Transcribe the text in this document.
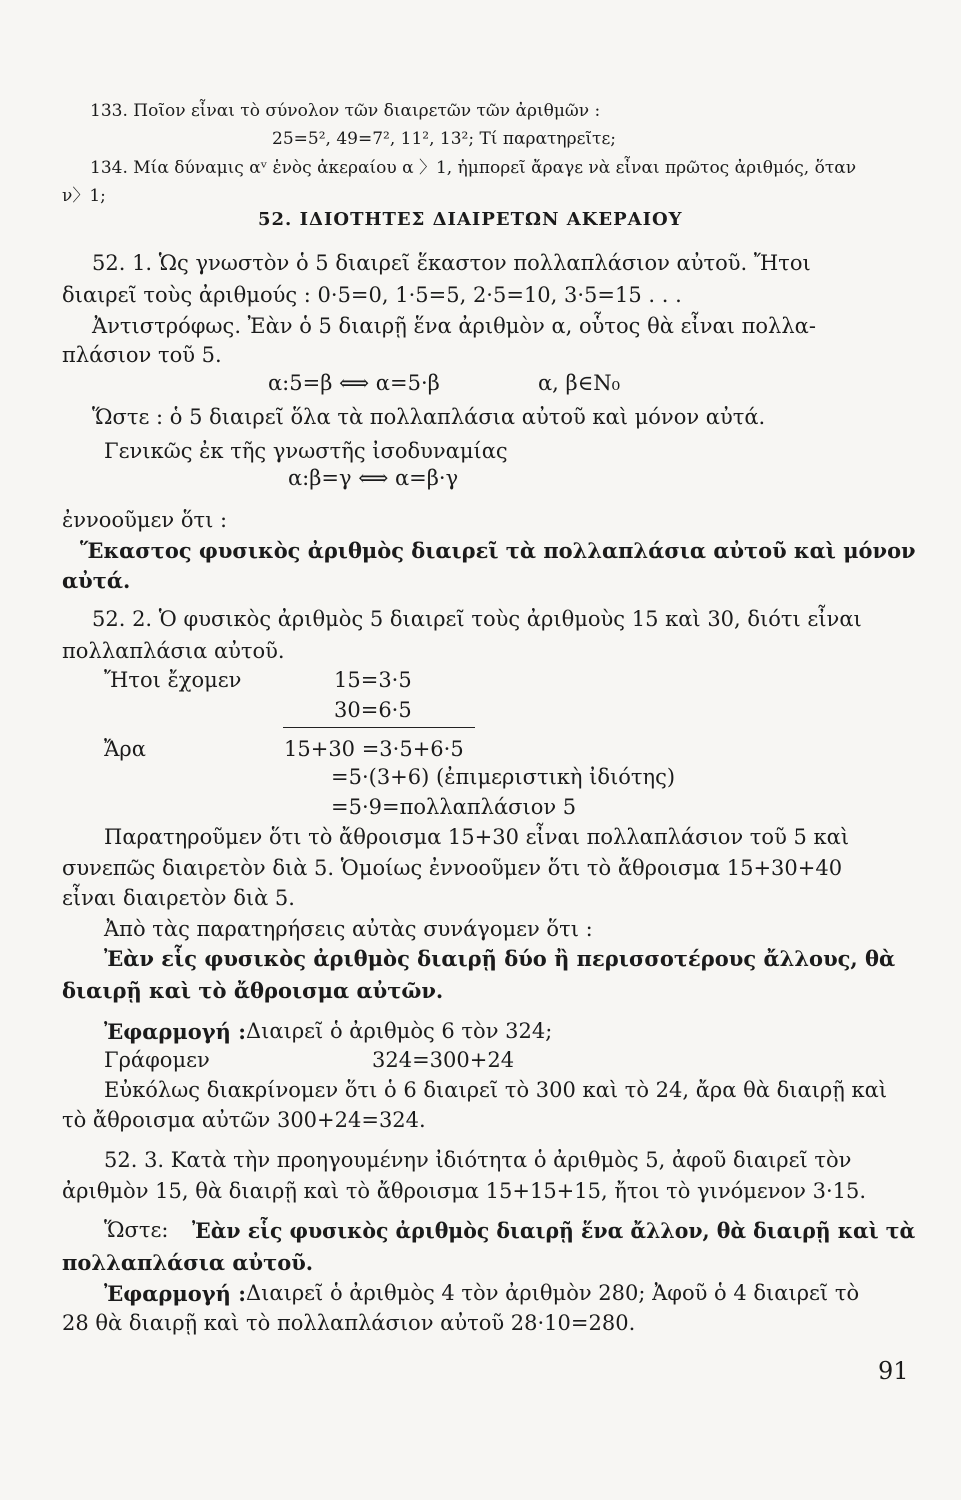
133. Ποῖον εἶναι τὸ σύνολον τῶν διαιρετῶν τῶν ἀριθμῶν :
25=5², 49=7², 11², 13²; Τί παρατηρεῖτε;
134. Μία δύναμις αᵛ ἑνὸς ἀκεραίου α 〉1, ἠμπορεῖ ἄραγε νὰ εἶναι πρῶτος ἀριθμός, ὅταν
ν〉1;
52. ΙΔΙΟΤΗΤΕΣ ΔΙΑΙΡΕΤΩΝ ΑΚΕΡΑΙΟΥ
52. 1. Ὡς γνωστὸν ὁ 5 διαιρεῖ ἕκαστον πολλαπλάσιον αὐτοῦ. Ἤτοι
διαιρεῖ τοὺς ἀριθμούς : 0·5=0, 1·5=5, 2·5=10, 3·5=15 . . .
Ἀντιστρόφως. Ἐὰν ὁ 5 διαιρῇ ἕνα ἀριθμὸν α, οὗτος θὰ εἶναι πολλα-
πλάσιον τοῦ 5.
α:5=β ⟺ α=5·β	α, β∈N₀
Ὥστε : ὁ 5 διαιρεῖ ὅλα τὰ πολλαπλάσια αὐτοῦ καὶ μόνον αὐτά.
Γενικῶς ἐκ τῆς γνωστῆς ἰσοδυναμίας
α:β=γ ⟺ α=β·γ
ἐννοοῦμεν ὅτι :
Ἕκαστος φυσικὸς ἀριθμὸς διαιρεῖ τὰ πολλαπλάσια αὐτοῦ καὶ μόνον
αὐτά.
52. 2. Ὁ φυσικὸς ἀριθμὸς 5 διαιρεῖ τοὺς ἀριθμοὺς 15 καὶ 30, διότι εἶναι
πολλαπλάσια αὐτοῦ.
Ἤτοι ἔχομεν	15=3·5
30=6·5
Ἄρα	15+30 =3·5+6·5
=5·(3+6) (ἐπιμεριστικὴ ἰδιότης)
=5·9=πολλαπλάσιον 5
Παρατηροῦμεν ὅτι τὸ ἄθροισμα 15+30 εἶναι πολλαπλάσιον τοῦ 5 καὶ
συνεπῶς διαιρετὸν διὰ 5. Ὁμοίως ἐννοοῦμεν ὅτι τὸ ἄθροισμα 15+30+40
εἶναι διαιρετὸν διὰ 5.
Ἀπὸ τὰς παρατηρήσεις αὐτὰς συνάγομεν ὅτι :
Ἐὰν εἷς φυσικὸς ἀριθμὸς διαιρῇ δύο ἢ περισσοτέρους ἄλλους, θὰ
διαιρῇ καὶ τὸ ἄθροισμα αὐτῶν.
Ἐφαρμογή : Διαιρεῖ ὁ ἀριθμὸς 6 τὸν 324;
Γράφομεν	324=300+24
Εὐκόλως διακρίνομεν ὅτι ὁ 6 διαιρεῖ τὸ 300 καὶ τὸ 24, ἄρα θὰ διαιρῇ καὶ
τὸ ἄθροισμα αὐτῶν 300+24=324.
52. 3. Κατὰ τὴν προηγουμένην ἰδιότητα ὁ ἀριθμὸς 5, ἀφοῦ διαιρεῖ τὸν
ἀριθμὸν 15, θὰ διαιρῇ καὶ τὸ ἄθροισμα 15+15+15, ἤτοι τὸ γινόμενον 3·15.
Ὥστε: Ἐὰν εἷς φυσικὸς ἀριθμὸς διαιρῇ ἕνα ἄλλον, θὰ διαιρῇ καὶ τὰ
πολλαπλάσια αὐτοῦ.
Ἐφαρμογή : Διαιρεῖ ὁ ἀριθμὸς 4 τὸν ἀριθμὸν 280; Ἀφοῦ ὁ 4 διαιρεῖ τὸ
28 θὰ διαιρῇ καὶ τὸ πολλαπλάσιον αὐτοῦ 28·10=280.
91
